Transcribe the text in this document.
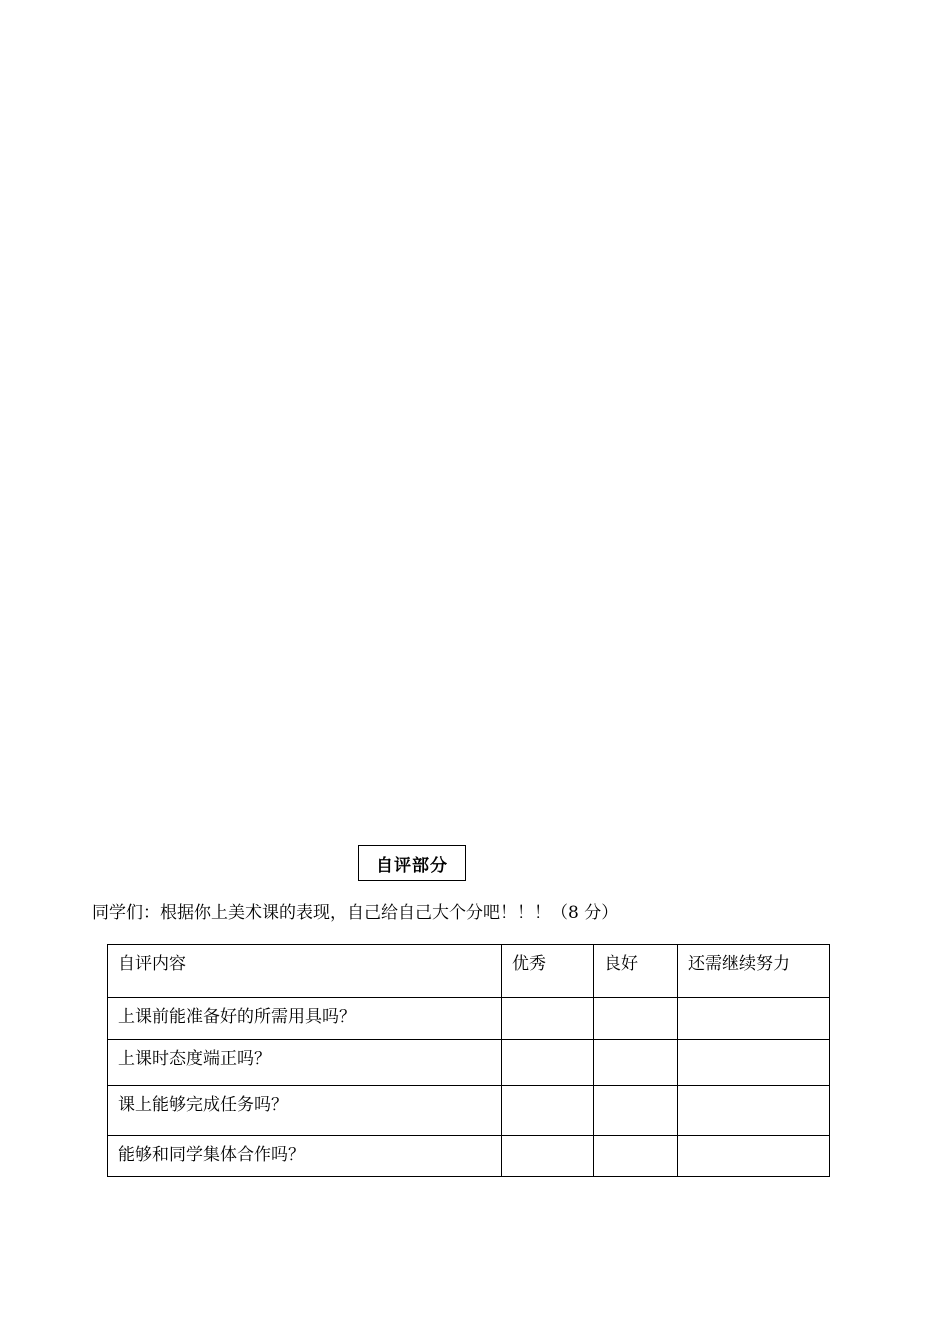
自评部分
同学们：根据你上美术课的表现，自己给自己大个分吧！！！（8 分）
自评内容	优秀	良好	还需继续努力
上课前能准备好的所需用具吗？			
上课时态度端正吗？			
课上能够完成任务吗？			
能够和同学集体合作吗？			
